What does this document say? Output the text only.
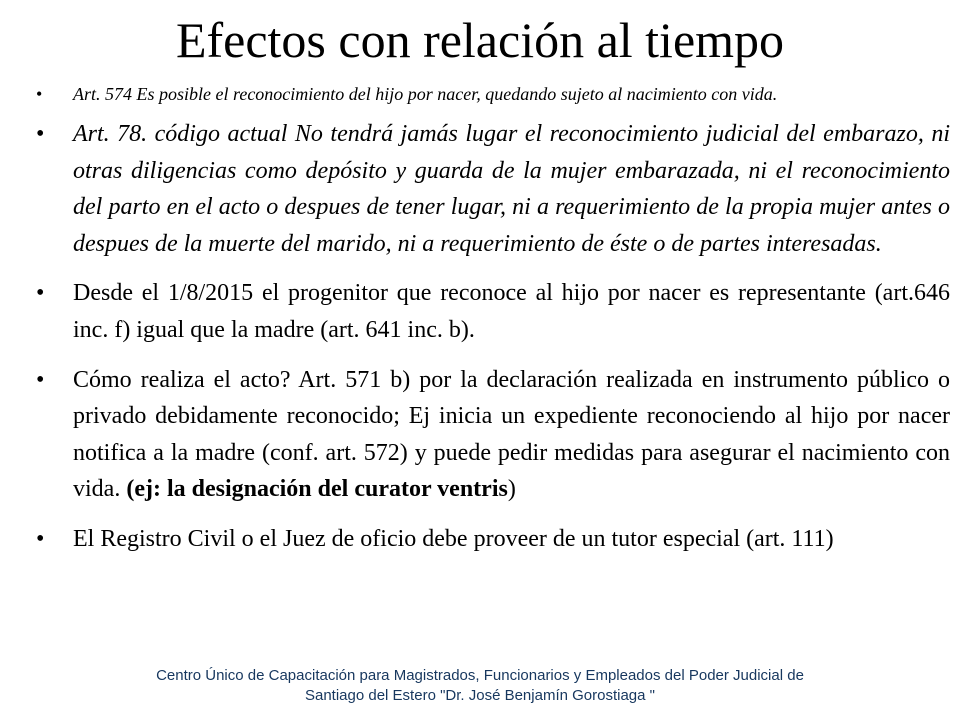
Efectos con relación al tiempo

• Art. 574 Es posible el reconocimiento del hijo por nacer, quedando sujeto al nacimiento con vida.

• Art. 78. código actual No tendrá jamás lugar el reconocimiento judicial del embarazo, ni otras diligencias como depósito y guarda de la mujer embarazada, ni el reconocimiento del parto en el acto o despues de tener lugar, ni a requerimiento de la propia mujer antes o despues de la muerte del marido, ni a requerimiento de éste o de partes interesadas.

• Desde el 1/8/2015 el progenitor que reconoce al hijo por nacer es representante (art.646 inc. f) igual que la madre (art. 641 inc. b).

• Cómo realiza el acto? Art. 571 b) por la declaración realizada en instrumento público o privado debidamente reconocido; Ej inicia un expediente reconociendo al hijo por nacer notifica a la madre (conf. art. 572) y puede pedir medidas para asegurar el nacimiento con vida. (ej: la designación del curator ventris)

• El Registro Civil o el Juez de oficio debe proveer de un tutor especial (art. 111)

Centro Único de Capacitación para Magistrados, Funcionarios y Empleados del Poder Judicial de
Santiago del Estero "Dr. José Benjamín Gorostiaga "
